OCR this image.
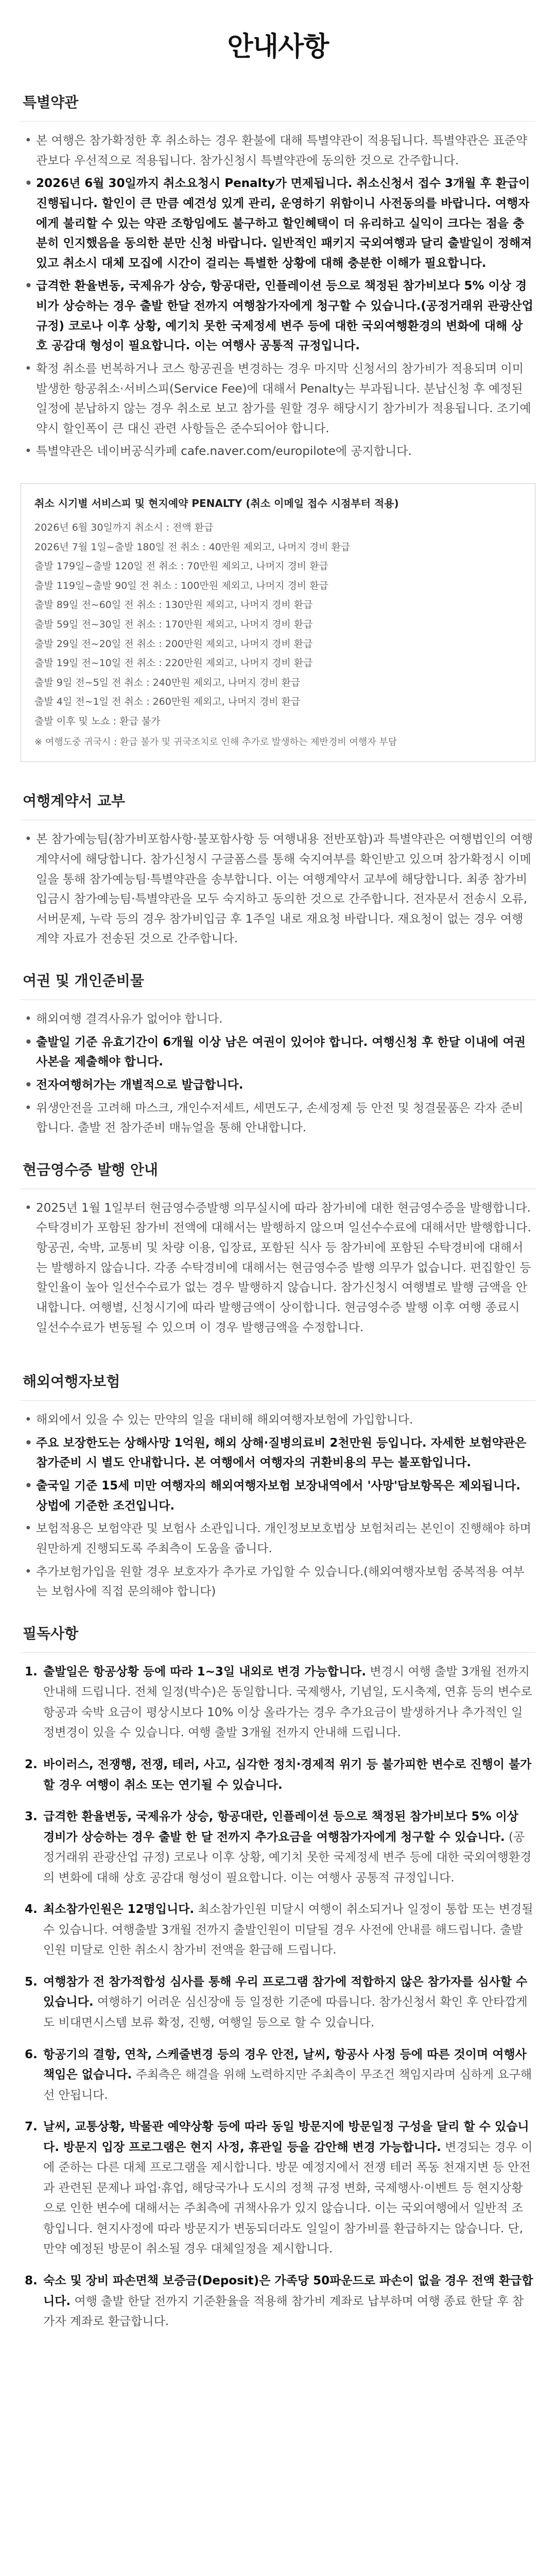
안내사항
특별약관
• 본 여행은 참가확정한 후 취소하는 경우 환불에 대해 특별약관이 적용됩니다. 특별약관은 표준약관보다 우선적으로 적용됩니다. 참가신청시 특별약관에 동의한 것으로 간주합니다.
• 2026년 6월 30일까지 취소요청시 Penalty가 면제됩니다. 취소신청서 접수 3개월 후 환급이 진행됩니다. 할인이 큰 만큼 예견성 있게 관리, 운영하기 위함이니 사전동의를 바랍니다. 여행자에게 불리할 수 있는 약관 조항임에도 불구하고 할인혜택이 더 유리하고 실익이 크다는 점을 충분히 인지했음을 동의한 분만 신청 바랍니다. 일반적인 패키지 국외여행과 달리 출발일이 정해져 있고 취소시 대체 모집에 시간이 걸리는 특별한 상황에 대해 충분한 이해가 필요합니다.
• 급격한 환율변동, 국제유가 상승, 항공대란, 인플레이션 등으로 책정된 참가비보다 5% 이상 경비가 상승하는 경우 출발 한달 전까지 여행참가자에게 청구할 수 있습니다.(공정거래위 관광산업 규정) 코로나 이후 상황, 예기치 못한 국제정세 변주 등에 대한 국외여행환경의 변화에 대해 상호 공감대 형성이 필요합니다. 이는 여행사 공통적 규정입니다.
• 확정 취소를 번복하거나 코스 항공권을 변경하는 경우 마지막 신청서의 참가비가 적용되며 이미 발생한 항공취소·서비스피(Service Fee)에 대해서 Penalty는 부과됩니다. 분납신청 후 예정된 일정에 분납하지 않는 경우 취소로 보고 참가를 원할 경우 해당시기 참가비가 적용됩니다. 조기예약시 할인폭이 큰 대신 관련 사항들은 준수되어야 합니다.
• 특별약관은 네이버공식카페 cafe.naver.com/europilote에 공지합니다.
취소 시기별 서비스피 및 현지예약 PENALTY (취소 이메일 접수 시점부터 적용)
2026년 6월 30일까지 취소시 : 전액 환급
2026년 7월 1일~출발 180일 전 취소 : 40만원 제외고, 나머지 경비 환급
출발 179일~출발 120일 전 취소 : 70만원 제외고, 나머지 경비 환급
출발 119일~출발 90일 전 취소 : 100만원 제외고, 나머지 경비 환급
출발 89일 전~60일 전 취소 : 130만원 제외고, 나머지 경비 환급
출발 59일 전~30일 전 취소 : 170만원 제외고, 나머지 경비 환급
출발 29일 전~20일 전 취소 : 200만원 제외고, 나머지 경비 환급
출발 19일 전~10일 전 취소 : 220만원 제외고, 나머지 경비 환급
출발 9일 전~5일 전 취소 : 240만원 제외고, 나머지 경비 환급
출발 4일 전~1일 전 취소 : 260만원 제외고, 나머지 경비 환급
출발 이후 및 노쇼 : 환급 불가
※ 여행도중 귀국시 : 환급 불가 및 귀국조치로 인해 추가로 발생하는 제반경비 여행자 부담
여행계약서 교부
• 본 참가예능팀(참가비포함사항·불포함사항 등 여행내용 전반포함)과 특별약관은 여행법인의 여행계약서에 해당합니다. 참가신청시 구글폼스를 통해 숙지여부를 확인받고 있으며 참가확정시 이메일을 통해 참가예능팀·특별약관을 송부합니다. 이는 여행계약서 교부에 해당합니다. 최종 참가비입금시 참가예능팀·특별약관을 모두 숙지하고 동의한 것으로 간주합니다. 전자문서 전송시 오류, 서버문제, 누락 등의 경우 참가비입금 후 1주일 내로 재요청 바랍니다. 재요청이 없는 경우 여행계약 자료가 전송된 것으로 간주합니다.
여권 및 개인준비물
• 해외여행 결격사유가 없어야 합니다.
• 출발일 기준 유효기간이 6개월 이상 남은 여권이 있어야 합니다. 여행신청 후 한달 이내에 여권사본을 제출해야 합니다.
• 전자여행허가는 개별적으로 발급합니다.
• 위생안전을 고려해 마스크, 개인수저세트, 세면도구, 손세정제 등 안전 및 청결물품은 각자 준비합니다. 출발 전 참가준비 매뉴얼을 통해 안내합니다.
현금영수증 발행 안내
• 2025년 1월 1일부터 현금영수증발행 의무실시에 따라 참가비에 대한 현금영수증을 발행합니다. 수탁경비가 포함된 참가비 전액에 대해서는 발행하지 않으며 일선수수료에 대해서만 발행합니다. 항공권, 숙박, 교통비 및 차량 이용, 입장료, 포함된 식사 등 참가비에 포함된 수탁경비에 대해서는 발행하지 않습니다. 각종 수탁경비에 대해서는 현금영수증 발행 의무가 없습니다. 편집할인 등 할인율이 높아 일선수수료가 없는 경우 발행하지 않습니다. 참가신청시 여행별로 발행 금액을 안내합니다. 여행별, 신청시기에 따라 발행금액이 상이합니다. 현금영수증 발행 이후 여행 종료시 일선수수료가 변동될 수 있으며 이 경우 발행금액을 수정합니다.
해외여행자보험
• 해외에서 있을 수 있는 만약의 일을 대비해 해외여행자보험에 가입합니다.
• 주요 보장한도는 상해사망 1억원, 해외 상해·질병의료비 2천만원 등입니다. 자세한 보험약관은 참가준비 시 별도 안내합니다. 본 여행에서 여행자의 귀환비용의 무는 불포함입니다.
• 출국일 기준 15세 미만 여행자의 해외여행자보험 보장내역에서 '사망'담보항목은 제외됩니다. 상법에 기준한 조건입니다.
• 보험적용은 보험약관 및 보험사 소관입니다. 개인정보보호법상 보험처리는 본인이 진행해야 하며 원만하게 진행되도록 주최측이 도움을 줍니다.
• 추가보험가입을 원할 경우 보호자가 추가로 가입할 수 있습니다.(해외여행자보험 중복적용 여부는 보험사에 직접 문의해야 합니다)
필독사항
1. 출발일은 항공상황 등에 따라 1~3일 내외로 변경 가능합니다. 변경시 여행 출발 3개월 전까지 안내해 드립니다. 전체 일정(박수)은 동일합니다. 국제행사, 기념일, 도시축제, 연휴 등의 변수로 항공과 숙박 요금이 평상시보다 10% 이상 올라가는 경우 추가요금이 발생하거나 추가적인 일정변경이 있을 수 있습니다. 여행 출발 3개월 전까지 안내해 드립니다.
2. 바이러스, 전쟁행, 전쟁, 테러, 사고, 심각한 정치·경제적 위기 등 불가피한 변수로 진행이 불가할 경우 여행이 취소 또는 연기될 수 있습니다.
3. 급격한 환율변동, 국제유가 상승, 항공대란, 인플레이션 등으로 책정된 참가비보다 5% 이상 경비가 상승하는 경우 출발 한 달 전까지 추가요금을 여행참가자에게 청구할 수 있습니다. (공정거래위 관광산업 규정) 코로나 이후 상황, 예기치 못한 국제정세 변주 등에 대한 국외여행환경의 변화에 대해 상호 공감대 형성이 필요합니다. 이는 여행사 공통적 규정입니다.
4. 최소참가인원은 12명입니다. 최소참가인원 미달시 여행이 취소되거나 일정이 통합 또는 변경될 수 있습니다. 여행출발 3개월 전까지 출발인원이 미달될 경우 사전에 안내를 해드립니다. 출발인원 미달로 인한 취소시 참가비 전액을 환급해 드립니다.
5. 여행참가 전 참가적합성 심사를 통해 우리 프로그램 참가에 적합하지 않은 참가자를 심사할 수 있습니다. 여행하기 어려운 심신장애 등 일정한 기준에 따릅니다. 참가신청서 확인 후 안타깝게도 비대면시스템 보류 확정, 진행, 여행일 등으로 할 수 있습니다.
6. 항공기의 결항, 연착, 스케줄변경 등의 경우 안전, 날씨, 항공사 사정 등에 따른 것이며 여행사 책임은 없습니다. 주최측은 해결을 위해 노력하지만 주최측이 무조건 책임지라며 심하게 요구해선 안됩니다.
7. 날씨, 교통상황, 박물관 예약상황 등에 따라 동일 방문지에 방문일정 구성을 달리 할 수 있습니다. 방문지 입장 프로그램은 현지 사정, 휴관일 등을 감안해 변경 가능합니다. 변경되는 경우 이에 준하는 다른 대체 프로그램을 제시합니다. 방문 예정지에서 전쟁 테러 폭동 천재지변 등 안전과 관련된 문제나 파업·휴업, 해당국가나 도시의 정책 규정 변화, 국제행사·이벤트 등 현지상황으로 인한 변수에 대해서는 주최측에 귀책사유가 있지 않습니다. 이는 국외여행에서 일반적 조항입니다. 현지사정에 따라 방문지가 변동되더라도 일일이 참가비를 환급하지는 않습니다. 단, 만약 예정된 방문이 취소될 경우 대체일정을 제시합니다.
8. 숙소 및 장비 파손면책 보증금(Deposit)은 가족당 50파운드로 파손이 없을 경우 전액 환급합니다. 여행 출발 한달 전까지 기준환율을 적용해 참가비 계좌로 납부하며 여행 종료 한달 후 참가자 계좌로 환급합니다.
